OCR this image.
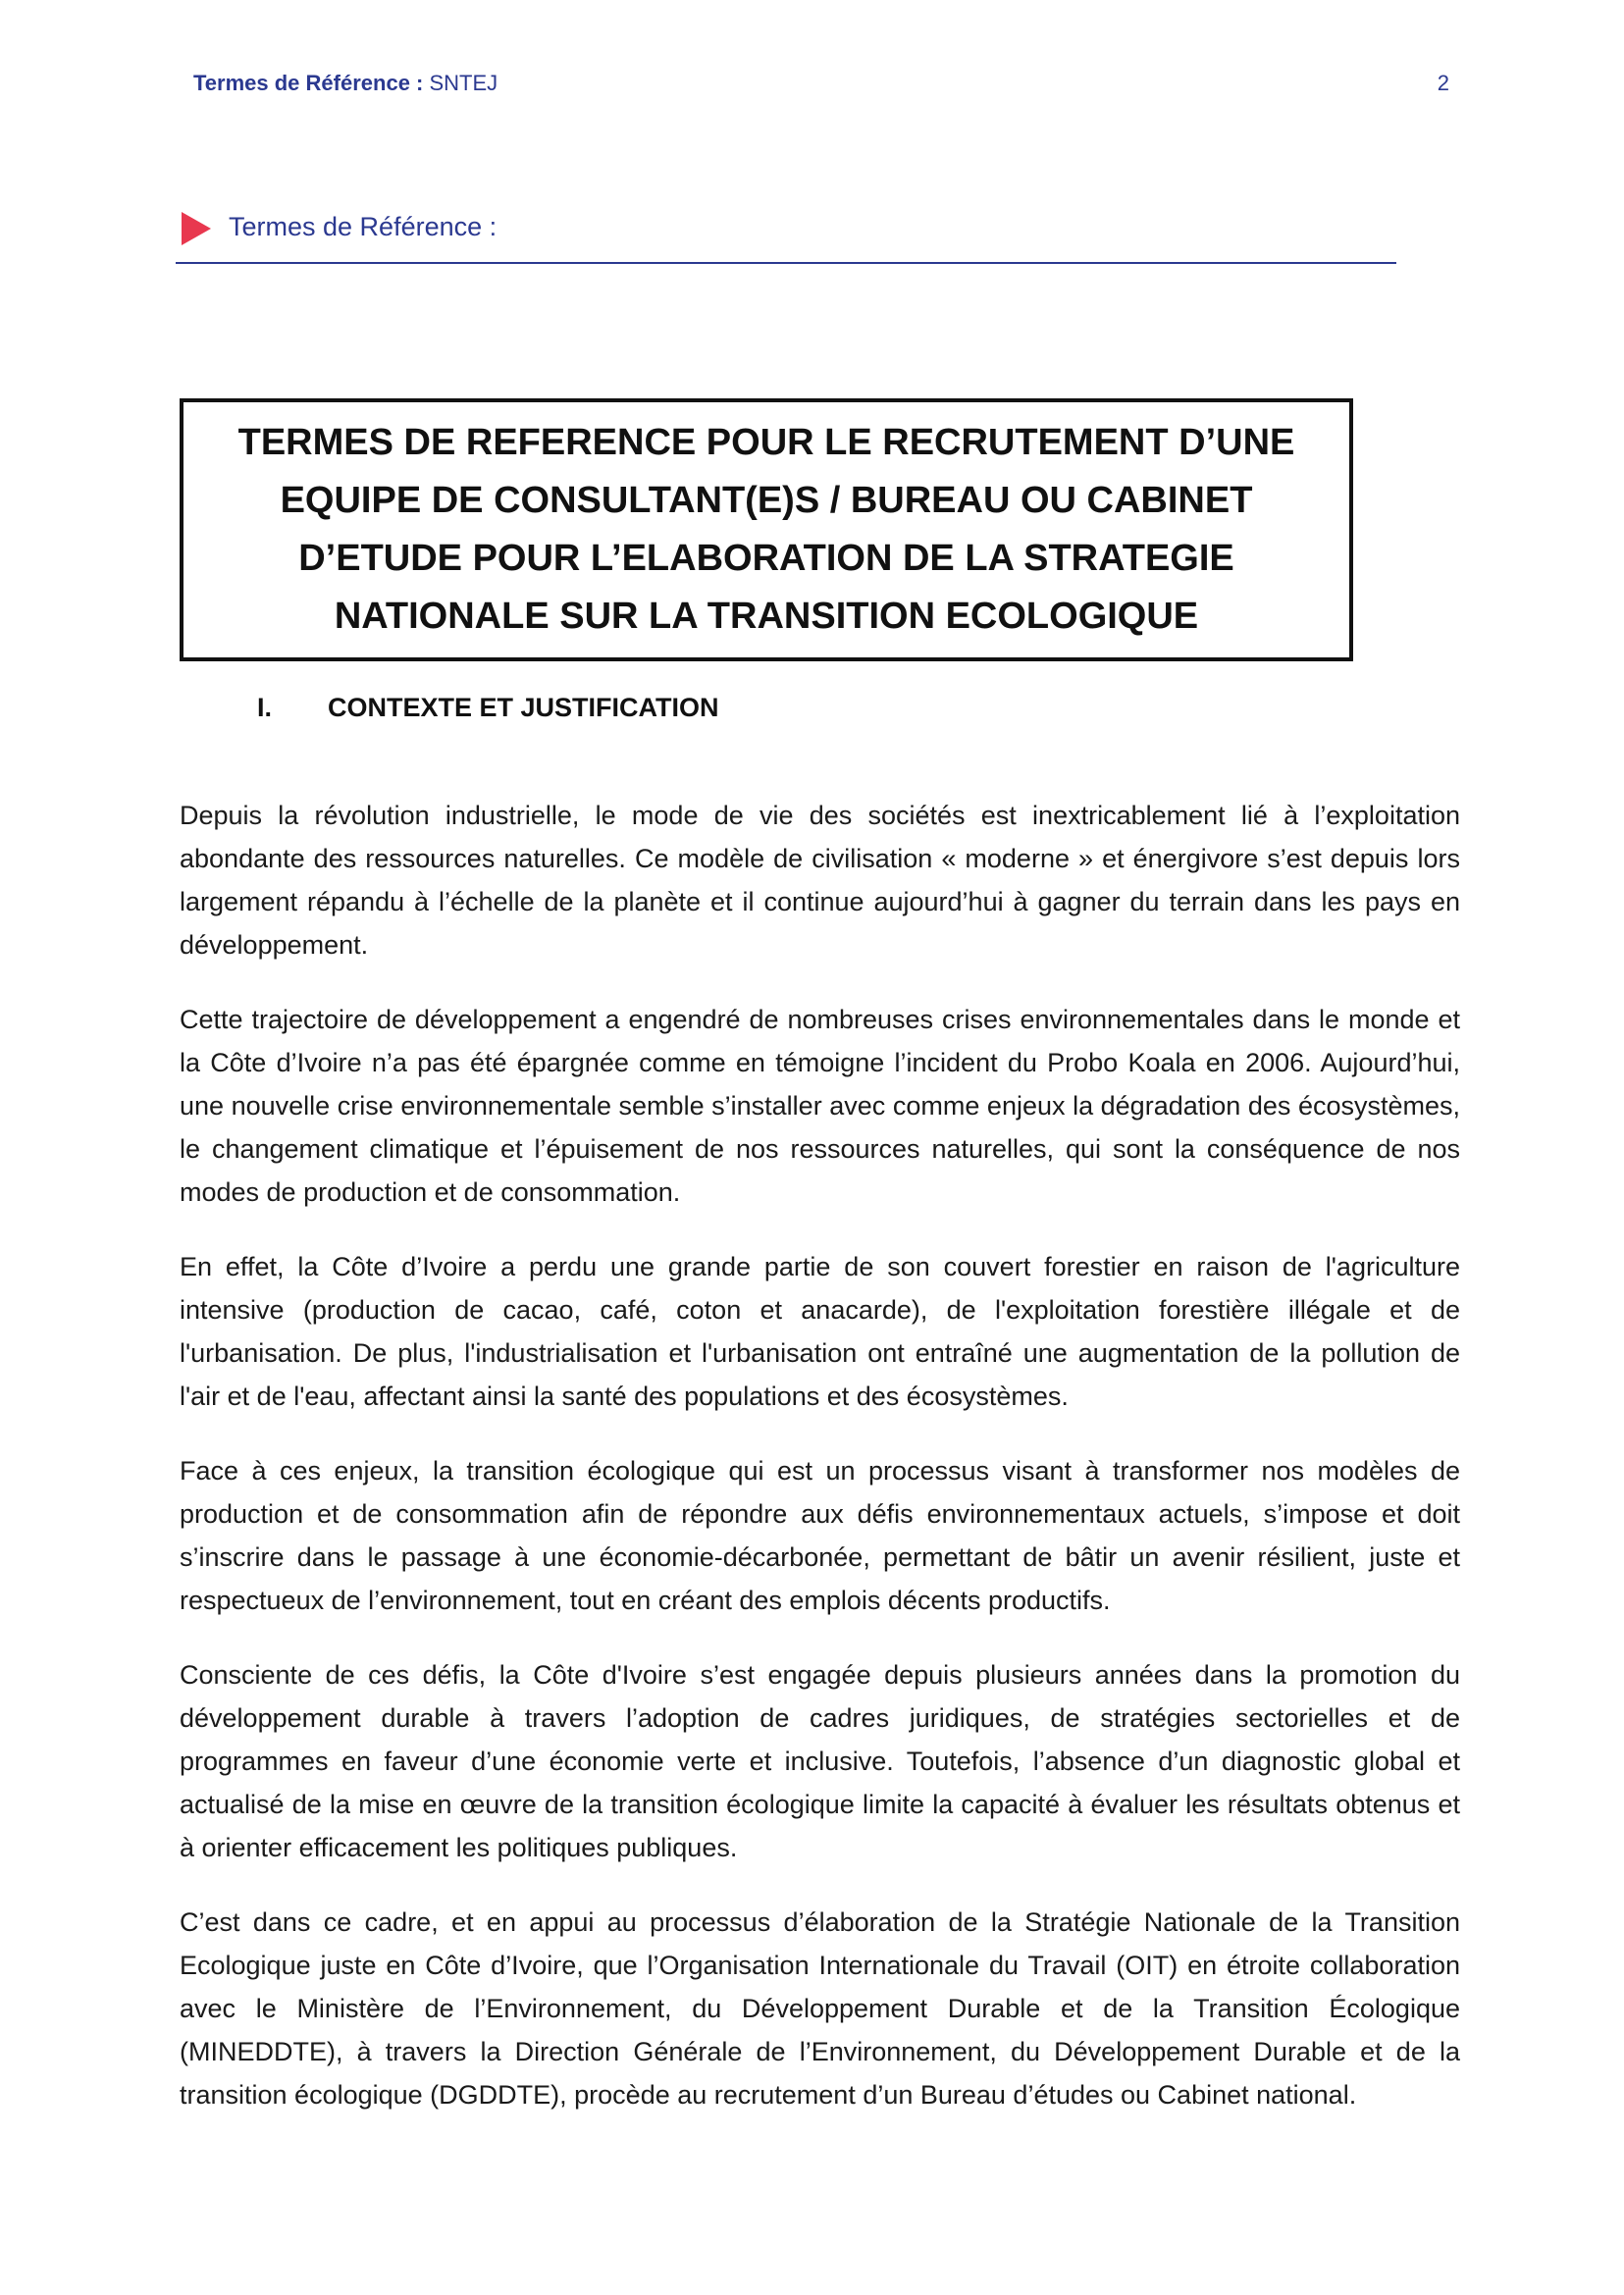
Termes de Référence : SNTEJ	2
Termes de Référence :
TERMES DE REFERENCE POUR LE RECRUTEMENT D’UNE EQUIPE DE CONSULTANT(E)S / BUREAU OU CABINET D’ETUDE POUR L’ELABORATION DE LA STRATEGIE NATIONALE SUR LA TRANSITION ECOLOGIQUE
I. CONTEXTE ET JUSTIFICATION

Depuis la révolution industrielle, le mode de vie des sociétés est inextricablement lié à l’exploitation abondante des ressources naturelles. Ce modèle de civilisation « moderne » et énergivore s’est depuis lors largement répandu à l’échelle de la planète et il continue aujourd’hui à gagner du terrain dans les pays en développement.

Cette trajectoire de développement a engendré de nombreuses crises environnementales dans le monde et la Côte d’Ivoire n’a pas été épargnée comme en témoigne l’incident du Probo Koala en 2006. Aujourd’hui, une nouvelle crise environnementale semble s’installer avec comme enjeux la dégradation des écosystèmes, le changement climatique et l’épuisement de nos ressources naturelles, qui sont la conséquence de nos modes de production et de consommation.

En effet, la Côte d’Ivoire a perdu une grande partie de son couvert forestier en raison de l'agriculture intensive (production de cacao, café, coton et anacarde), de l'exploitation forestière illégale et de l'urbanisation. De plus, l'industrialisation et l'urbanisation ont entraîné une augmentation de la pollution de l'air et de l'eau, affectant ainsi la santé des populations et des écosystèmes.

Face à ces enjeux, la transition écologique qui est un processus visant à transformer nos modèles de production et de consommation afin de répondre aux défis environnementaux actuels, s’impose et doit s’inscrire dans le passage à une économie-décarbonée, permettant de bâtir un avenir résilient, juste et respectueux de l’environnement, tout en créant des emplois décents productifs.

Consciente de ces défis, la Côte d'Ivoire s’est engagée depuis plusieurs années dans la promotion du développement durable à travers l’adoption de cadres juridiques, de stratégies sectorielles et de programmes en faveur d’une économie verte et inclusive. Toutefois, l’absence d’un diagnostic global et actualisé de la mise en œuvre de la transition écologique limite la capacité à évaluer les résultats obtenus et à orienter efficacement les politiques publiques.

C’est dans ce cadre, et en appui au processus d’élaboration de la Stratégie Nationale de la Transition Ecologique juste en Côte d’Ivoire, que l’Organisation Internationale du Travail (OIT) en étroite collaboration avec le Ministère de l’Environnement, du Développement Durable et de la Transition Écologique (MINEDDTE), à travers la Direction Générale de l’Environnement, du Développement Durable et de la transition écologique (DGDDTE), procède au recrutement d’un Bureau d’études ou Cabinet national.
